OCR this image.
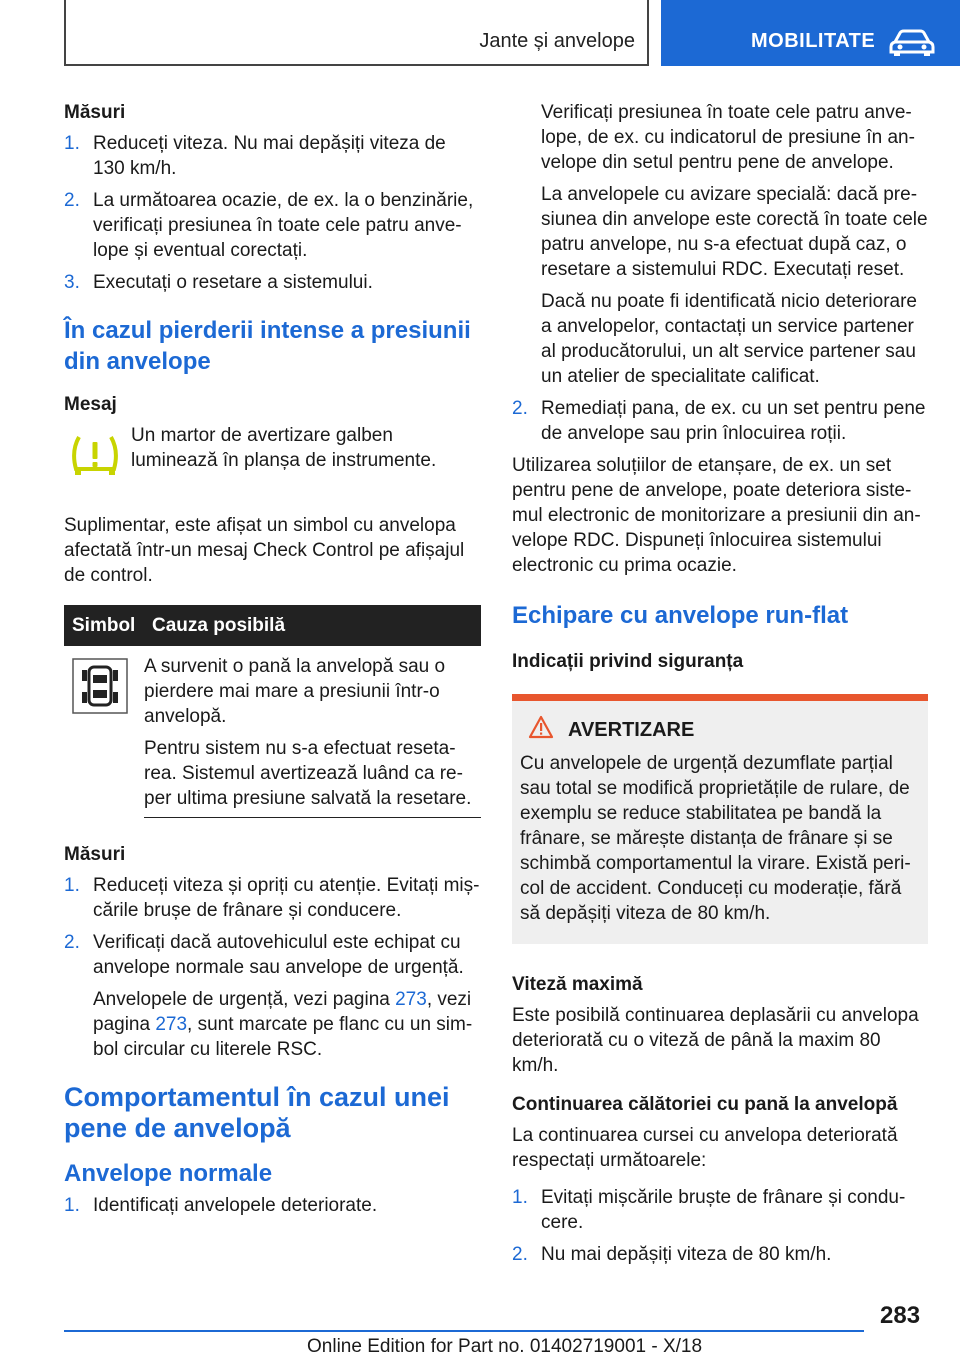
Jante și anvelope	MOBILITATE
Măsuri
1. Reduceți viteza. Nu mai depășiți viteza de 130 km/h.
2. La următoarea ocazie, de ex. la o benzinărie, verificați presiunea în toate cele patru anvelope și eventual corectați.
3. Executați o resetare a sistemului.
În cazul pierderii intense a presiunii din anvelope
Mesaj

Un martor de avertizare galben luminează în planșa de instrumente.

Suplimentar, este afișat un simbol cu anvelopa afectată într-un mesaj Check Control pe afișajul de control.

Simbol	Cauza posibilă

A survenit o pană la anvelopă sau o pierdere mai mare a presiunii într-o anvelopă.

Pentru sistem nu s-a efectuat resetarea. Sistemul avertizează luând ca reper ultima presiune salvată la resetare.

Măsuri
1. Reduceți viteza și opriți cu atenție. Evitați mișcările brușe de frânare și conducere.
2. Verificați dacă autovehiculul este echipat cu anvelope normale sau anvelope de urgență.

Anvelopele de urgență, vezi pagina 273, vezi pagina 273, sunt marcate pe flanc cu un simbol circular cu literele RSC.

Comportamentul în cazul unei pene de anvelopă
Anvelope normale
1. Identificați anvelopele deteriorate.

Verificați presiunea în toate cele patru anvelope, de ex. cu indicatorul de presiune în anvelope din setul pentru pene de anvelope.

La anvelopele cu avizare specială: dacă presiunea din anvelope este corectă în toate cele patru anvelope, nu s-a efectuat după caz, o resetare a sistemului RDC. Executați reset.

Dacă nu poate fi identificată nicio deteriorare a anvelopelor, contactați un service partener al producătorului, un alt service partener sau un atelier de specialitate calificat.

2. Remediați pana, de ex. cu un set pentru pene de anvelope sau prin înlocuirea roții.

Utilizarea soluțiilor de etanșare, de ex. un set pentru pene de anvelope, poate deteriora sistemul electronic de monitorizare a presiunii din anvelope RDC. Dispuneți înlocuirea sistemului electronic cu prima ocazie.

Echipare cu anvelope run-flat
Indicații privind siguranța
AVERTIZARE

Cu anvelopele de urgență dezumflate parțial sau total se modifică proprietățile de rulare, de exemplu se reduce stabilitatea pe bandă la frânare, se mărește distanța de frânare și se schimbă comportamentul la virare. Există pericol de accident. Conduceți cu moderație, fără să depășiți viteza de 80 km/h.

Viteză maximă

Este posibilă continuarea deplasării cu anvelopa deteriorată cu o viteză de până la maxim 80 km/h.

Continuarea călătoriei cu pană la anvelopă

La continuarea cursei cu anvelopa deteriorată respectați următoarele:

1. Evitați mișcările bruște de frânare și conducere.
2. Nu mai depășiți viteza de 80 km/h.
283
Online Edition for Part no. 01402719001 - X/18
